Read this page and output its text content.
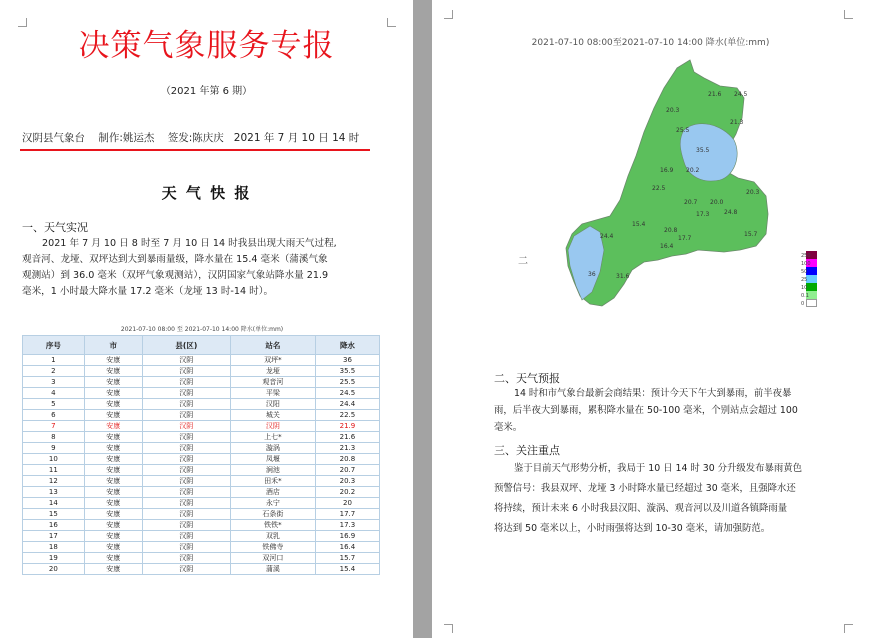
决策气象服务专报
（2021 年第 6 期）
汉阴县气象台    制作:姚运杰    签发:陈庆庆   2021 年 7 月 10 日 14 时
天 气 快 报
一、天气实况
2021 年 7 月 10 日 8 时至 7 月 10 日 14 时我县出现大雨天气过程,
观音河、龙垭、双坪达到大到暴雨量级，降水量在 15.4 毫米（蒲溪气象
观测站）到 36.0 毫米（双坪气象观测站），汉阴国家气象站降水量 21.9
毫米，1 小时最大降水量 17.2 毫米（龙垭 13 时-14 时）。
2021-07-10 08:00 至 2021-07-10 14:00 降水(单位:mm)
序号	市	县(区)	站名	降水
1	安康	汉阴	双坪*	36
2	安康	汉阴	龙垭	35.5
3	安康	汉阴	观音河	25.5
4	安康	汉阴	平梁	24.5
5	安康	汉阴	汉阳	24.4
6	安康	汉阴	城关	22.5
7	安康	汉阴	汉阴	21.9
8	安康	汉阴	上七*	21.6
9	安康	汉阴	漩涡	21.3
10	安康	汉阴	凤堰	20.8
11	安康	汉阴	涧池	20.7
12	安康	汉阴	田禾*	20.3
13	安康	汉阴	酒店	20.2
14	安康	汉阴	永宁	20
15	安康	汉阴	石条街	17.7
16	安康	汉阴	铁铁*	17.3
17	安康	汉阴	双乳	16.9
18	安康	汉阴	铁佛寺	16.4
19	安康	汉阴	双河口	15.7
20	安康	汉阴	蒲溪	15.4
2021-07-10 08:00至2021-07-10 14:00 降水(单位:mm)
36	31.6
24.4
20.8
22.5
16.9
20.3
21.6
25.5
35.5
20.2
24.5
21.3
20.7
15.4
17.3
20.0
24.8
20.3
17.7
15.7
16.4
二	250
100
50
25
10
0.1
0
二、天气预报
14 时和市气象台最新会商结果：预计今天下午大到暴雨，前半夜暴
雨，后半夜大到暴雨，累积降水量在 50-100 毫米，个别站点会超过 100
毫米。
三、关注重点
鉴于目前天气形势分析，我局于 10 日 14 时 30 分升级发布暴雨黄色
预警信号：我县双坪、龙垭 3 小时降水量已经超过 30 毫米，且强降水还
将持续，预计未来 6 小时我县汉阳、漩涡、观音河以及川道各镇降雨量
将达到 50 毫米以上，小时雨强将达到 10-30 毫米，请加强防范。
